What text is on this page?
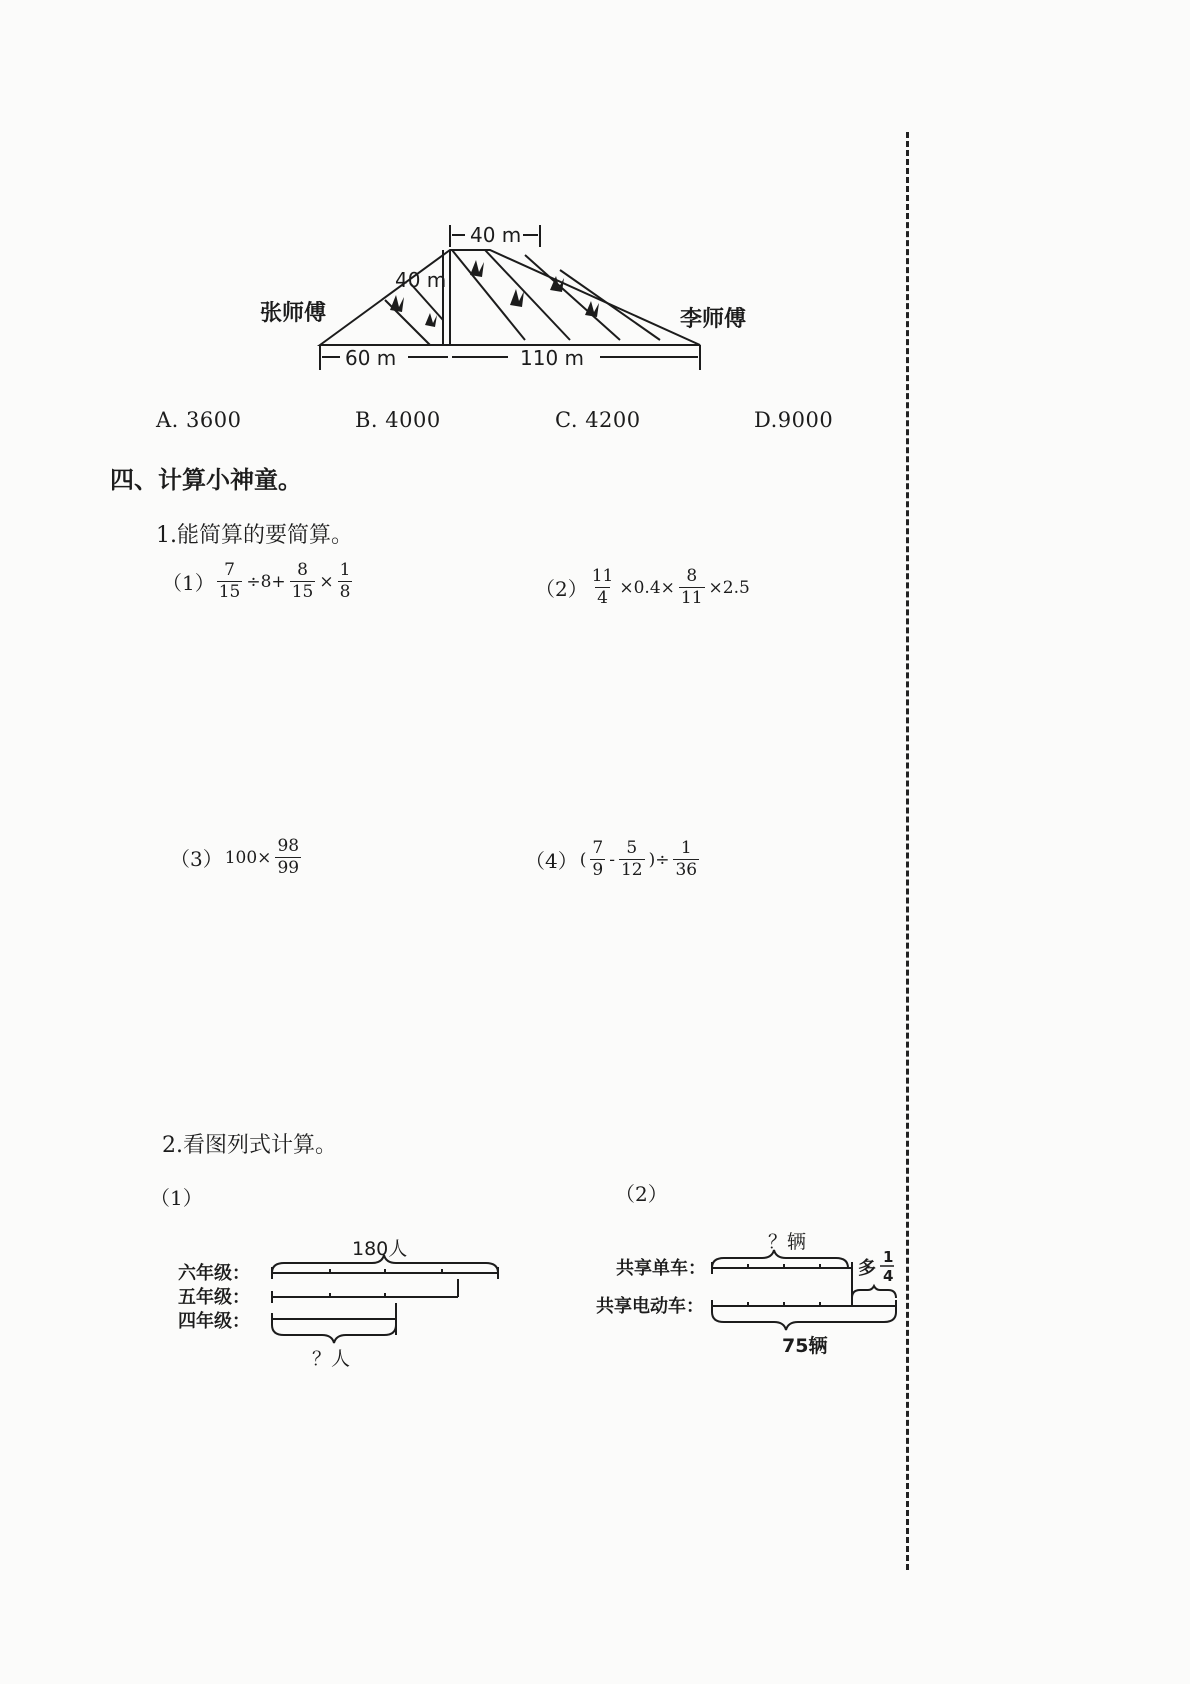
40 m
40 m
60 m	110 m
张师傅	李师傅
A. 3600	B. 4000	C. 4200	D.9000
四、计算小神童。
1.能简算的要简算。
$(1) \frac{7}{15} \div 8+ \frac{8}{15} \times \frac{1}{8}$	$(2) \frac{11}{4} \times 0.4\times \frac{8}{11} \times 2.5$
（3） $100\times \frac{98}{99}$	（4） ( $\frac{7}{9} - \frac{5}{12}$ )÷ $\frac{1}{36}$
2.看图列式计算。
（1）	（2）
180人
六年级：
五年级：
四年级：
？人
？辆
共享单车：
共享电动车：
多
1
4
75辆
